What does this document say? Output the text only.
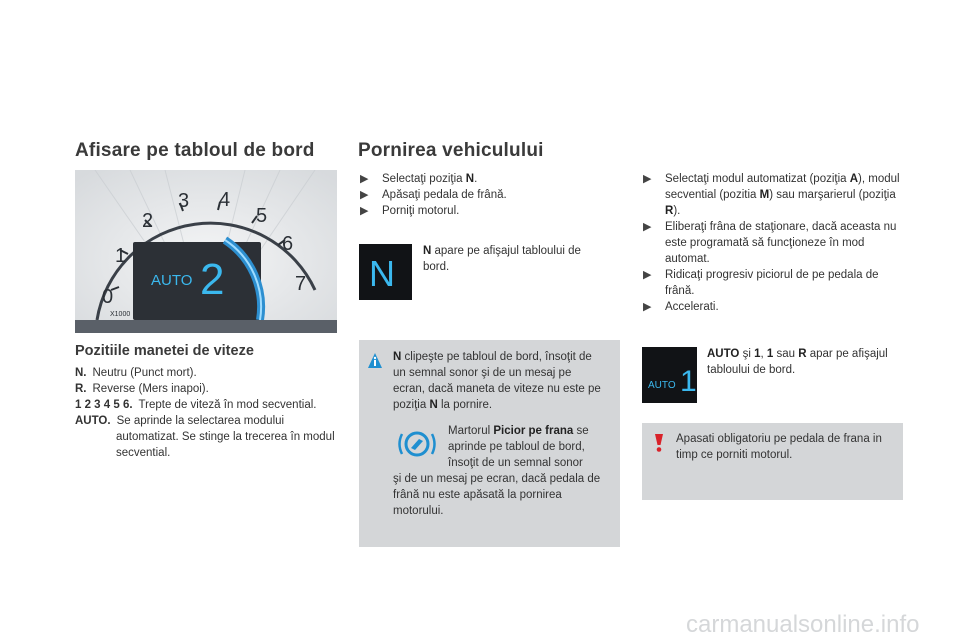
Afisare pe tabloul de bord
0
1
2
3 4
5
6
7
AUTO 2
X1000
Pozitiile manetei de viteze

N. Neutru (Punct mort).

R. Reverse (Mers inapoi).

1 2 3 4 5 6. Trepte de viteză în mod secvential.

AUTO. Se aprinde la selectarea modului

automatizat. Se stinge la trecerea în modul secvential.

Pornirea vehiculului
▶ Selectaţi poziţia N.
▶ Apăsaţi pedala de frână.
▶ Porniţi motorul.
N
N apare pe afişajul tabloului de bord.
N clipeşte pe tabloul de bord, însoţit de un semnal sonor şi de un mesaj pe ecran, dacă maneta de viteze nu este pe poziţia N la pornire.
Martorul Picior pe frana se aprinde pe tabloul de bord, însoţit de un semnal sonor
şi de un mesaj pe ecran, dacă pedala de frână nu este apăsată la pornirea motorului.
▶ Selectaţi modul automatizat (poziţia A), modul secvential (pozitia M) sau marşarierul (poziţia R).
▶ Eliberaţi frâna de staţionare, dacă aceasta nu este programată să funcţioneze în mod automat.
▶ Ridicaţi progresiv piciorul de pe pedala de frână.
▶ Accelerati.
AUTO 1
AUTO şi 1, 1 sau R apar pe afişajul tabloului de bord.
Apasati obligatoriu pe pedala de frana in timp ce porniti motorul.
carmanualsonline.info
